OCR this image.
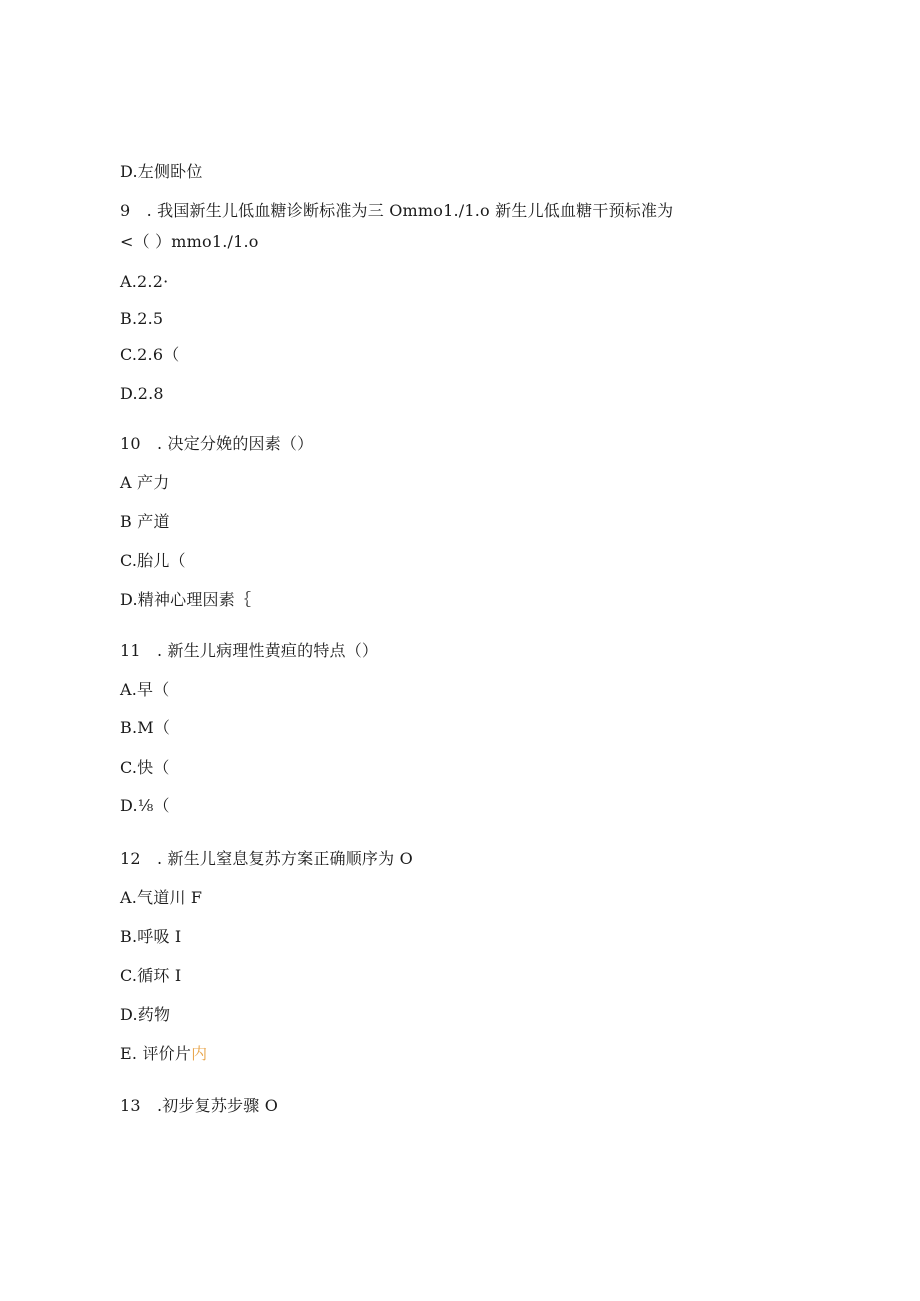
D.左侧卧位
9　. 我国新生儿低血糖诊断标准为三 Ommo1./1.o 新生儿低血糖干预标准为
<（ ）mmo1./1.o
A.2.2·
B.2.5
C.2.6（
D.2.8
10　. 决定分娩的因素（）
A 产力
B 产道
C.胎儿（
D.精神心理因素｛
11　. 新生儿病理性黄疸的特点（）
A.早（
B.M（
C.快（
D.⅛（
12　. 新生儿窒息复苏方案正确顺序为 O
A.气道川 F
B.呼吸 I
C.循环 I
D.药物
E. 评价片内
13　.初步复苏步骤 O
